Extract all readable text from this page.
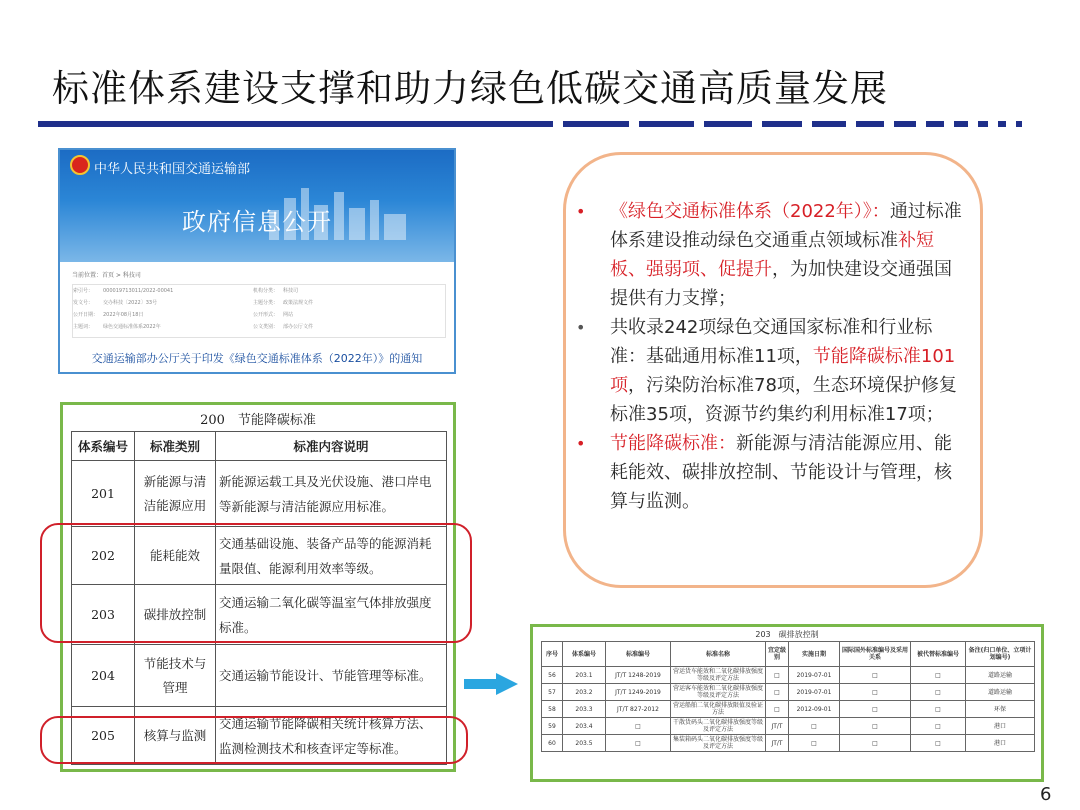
标准体系建设支撑和助力绿色低碳交通高质量发展
中华人民共和国交通运输部
政府信息公开
当前位置：首页 > 科技司
索引号： 000019713011/2022-00041	机构分类： 科技司
发文号： 交办科技〔2022〕33号	主题分类： 政策法规文件
公开日期： 2022年08月18日	公开形式： 网站
主题词： 绿色交通标准体系2022年	公文类别： 部办公厅文件
交通运输部办公厅关于印发《绿色交通标准体系（2022年）》的通知
200　节能降碳标准
体系编号	标准类别	标准内容说明
201	新能源与清洁能源应用	新能源运载工具及光伏设施、港口岸电等新能源与清洁能源应用标准。
202	能耗能效	交通基础设施、装备产品等的能源消耗量限值、能源利用效率等级。
203	碳排放控制	交通运输二氧化碳等温室气体排放强度标准。
204	节能技术与管理	交通运输节能设计、节能管理等标准。
205	核算与监测	交通运输节能降碳相关统计核算方法、监测检测技术和核查评定等标准。
• 《绿色交通标准体系（2022年）》：通过标准体系建设推动绿色交通重点领域标准补短板、强弱项、促提升，为加快建设交通强国提供有力支撑；
• 共收录242项绿色交通国家标准和行业标准：基础通用标准11项，节能降碳标准101项，污染防治标准78项，生态环境保护修复标准35项，资源节约集约利用标准17项；
• 节能降碳标准：新能源与清洁能源应用、能耗能效、碳排放控制、节能设计与管理，核算与监测。
203　碳排放控制
序号	体系编号	标准编号	标准名称	宜定级别	实施日期	国际国外标准编号及采用关系	被代替标准编号	备注(归口单位、立项计划编号)
56	203.1	JT/T 1248-2019	营运货车能效和二氧化碳排放强度等级及评定方法	□	2019-07-01	□	□	道路运输
57	203.2	JT/T 1249-2019	营运客车能效和二氧化碳排放强度等级及评定方法	□	2019-07-01	□	□	道路运输
58	203.3	JT/T 827-2012	营运船舶二氧化碳排放限值及验证方法	□	2012-09-01	□	□	环保
59	203.4	□	干散货码头二氧化碳排放强度等级及评定方法	JT/T	□	□	□	港口
60	203.5	□	集装箱码头二氧化碳排放强度等级及评定方法	JT/T	□	□	□	港口
6
